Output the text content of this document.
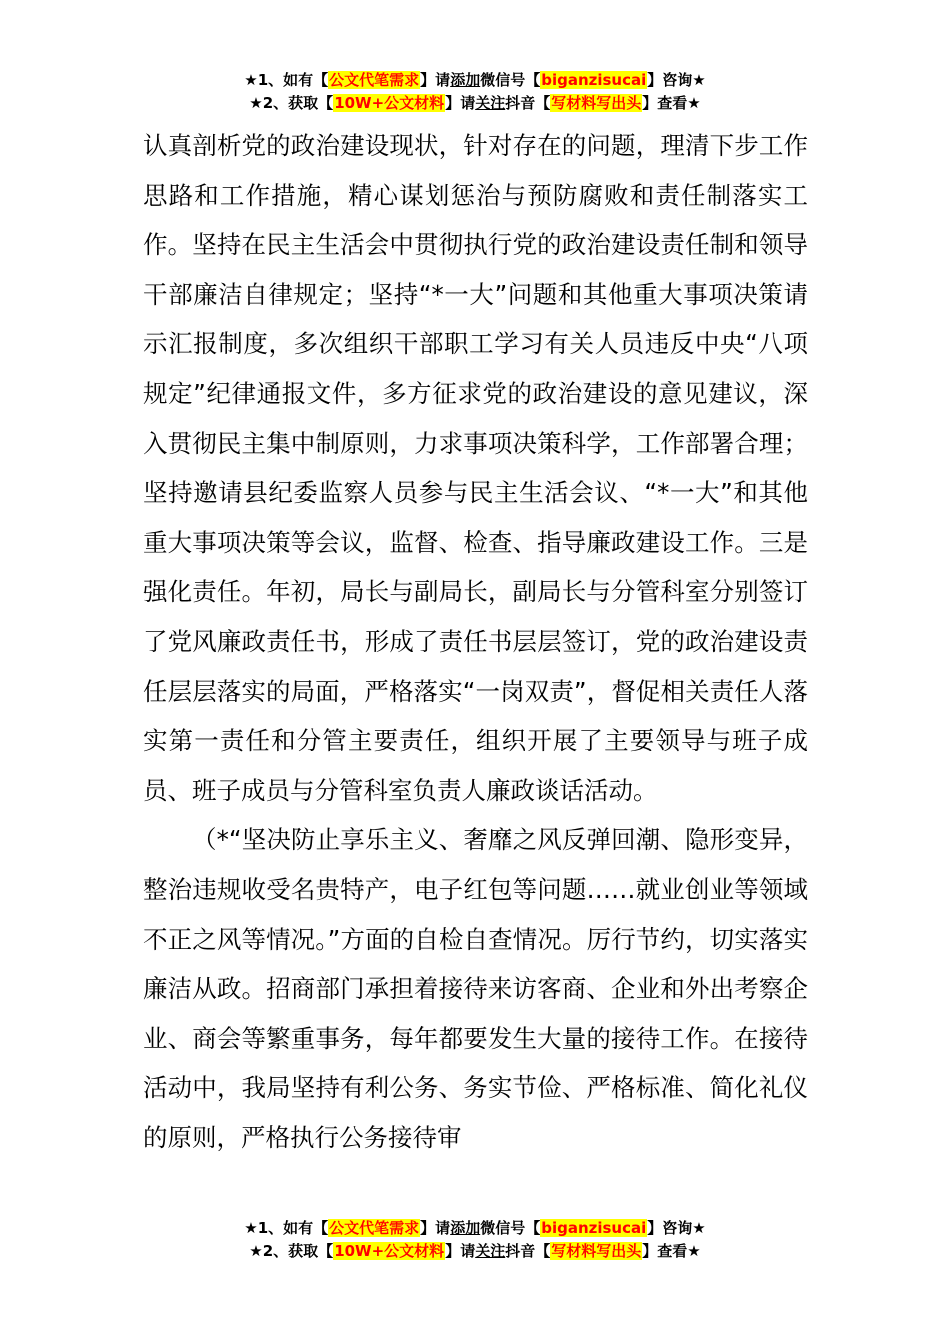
★1、如有【公文代笔需求】请添加微信号【biganzisucai】咨询★
★2、获取【10W+公文材料】请关注抖音【写材料写出头】查看★

认真剖析党的政治建设现状，针对存在的问题，理清下步工作思路和工作措施，精心谋划惩治与预防腐败和责任制落实工作。坚持在民主生活会中贯彻执行党的政治建设责任制和领导干部廉洁自律规定；坚持“*一大”问题和其他重大事项决策请示汇报制度，多次组织干部职工学习有关人员违反中央“八项规定”纪律通报文件，多方征求党的政治建设的意见建议，深入贯彻民主集中制原则，力求事项决策科学，工作部署合理；坚持邀请县纪委监察人员参与民主生活会议、“*一大”和其他重大事项决策等会议，监督、检查、指导廉政建设工作。三是强化责任。年初，局长与副局长，副局长与分管科室分别签订了党风廉政责任书，形成了责任书层层签订，党的政治建设责任层层落实的局面，严格落实“一岗双责”，督促相关责任人落实第一责任和分管主要责任，组织开展了主要领导与班子成员、班子成员与分管科室负责人廉政谈话活动。

（*“坚决防止享乐主义、奢靡之风反弹回潮、隐形变异，整治违规收受名贵特产，电子红包等问题……就业创业等领域不正之风等情况。”方面的自检自查情况。厉行节约，切实落实廉洁从政。招商部门承担着接待来访客商、企业和外出考察企业、商会等繁重事务，每年都要发生大量的接待工作。在接待活动中，我局坚持有利公务、务实节俭、严格标准、简化礼仪的原则，严格执行公务接待审

★1、如有【公文代笔需求】请添加微信号【biganzisucai】咨询★
★2、获取【10W+公文材料】请关注抖音【写材料写出头】查看★
